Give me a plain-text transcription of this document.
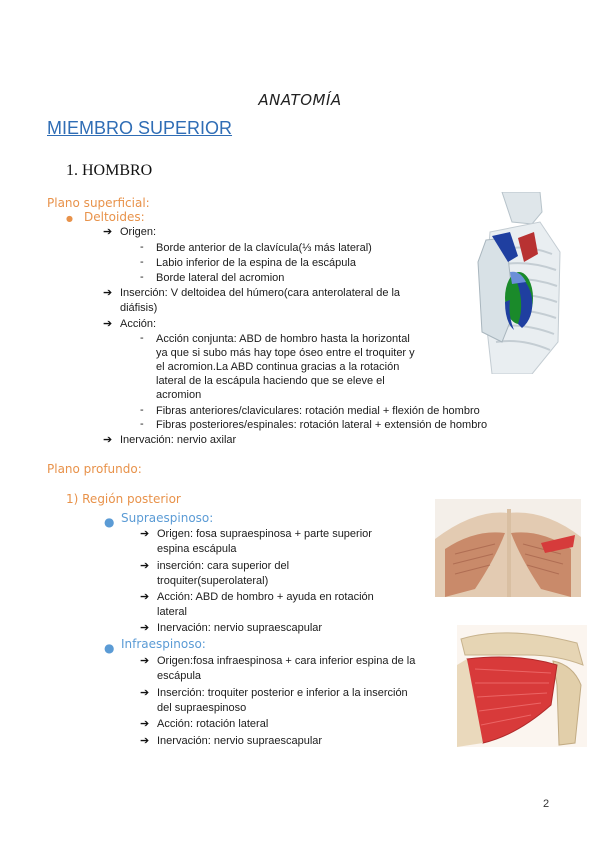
ANATOMÍA
MIEMBRO SUPERIOR
1. HOMBRO
Plano superficial:
● Deltoides:
➔ Origen:
- Borde anterior de la clavícula(⅓ más lateral)
- Labio inferior de la espina de la escápula
- Borde lateral del acromion
➔ Inserción: V deltoidea del húmero(cara anterolateral de la
diáfisis)
➔ Acción:
- Acción conjunta: ABD de hombro hasta la horizontal
ya que si subo más hay tope óseo entre el troquiter y
el acromion.La ABD continua gracias a la rotación
lateral de la escápula haciendo que se eleve el
acromion
- Fibras anteriores/claviculares: rotación medial + flexión de hombro
- Fibras posteriores/espinales: rotación lateral + extensión de hombro
➔ Inervación: nervio axilar
Plano profundo:
1) Región posterior
● Supraespinoso:
➔ Origen: fosa supraespinosa + parte superior
espina escápula
➔ inserción: cara superior del
troquiter(superolateral)
➔ Acción: ABD de hombro + ayuda en rotación
lateral
➔ Inervación: nervio supraescapular
● Infraespinoso:
➔ Origen:fosa infraespinosa + cara inferior espina de la
escápula
➔ Inserción: troquiter posterior e inferior a la inserción
del supraespinoso
➔ Acción: rotación lateral
➔ Inervación: nervio supraescapular
2
